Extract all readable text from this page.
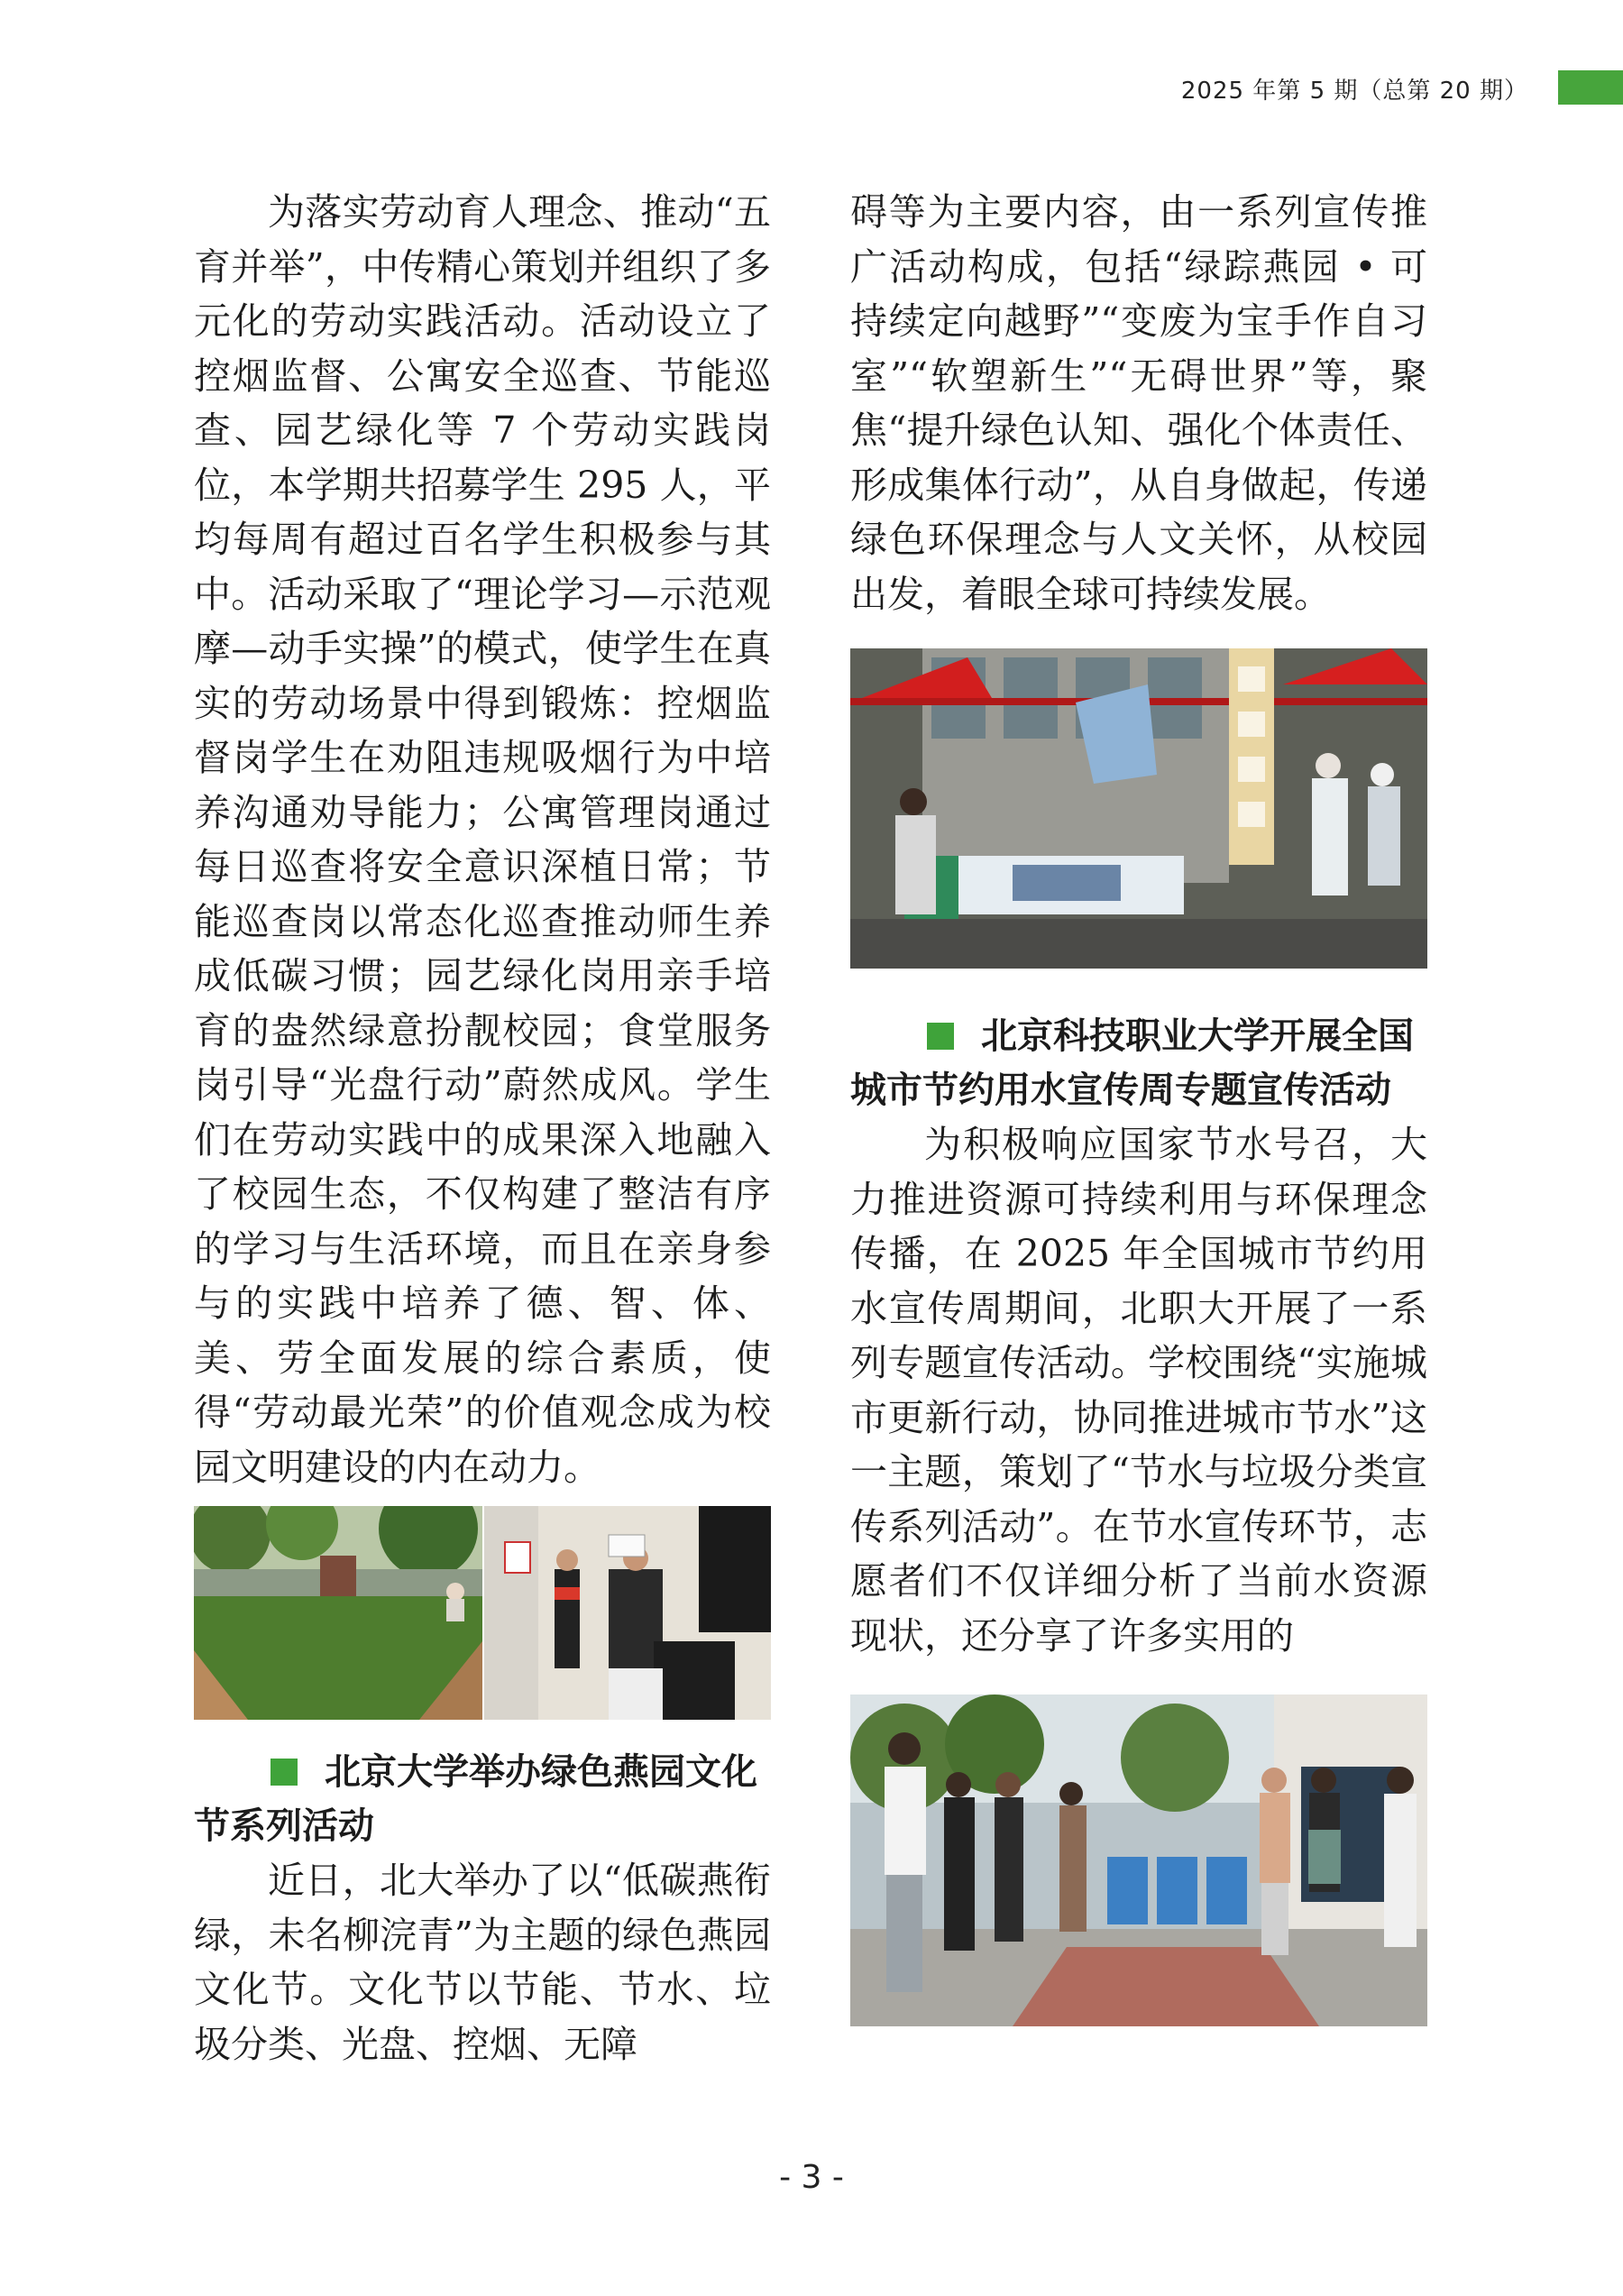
2025 年第 5 期（总第 20 期）

为落实劳动育人理念、推动“五育并举”，中传精心策划并组织了多元化的劳动实践活动。活动设立了控烟监督、公寓安全巡查、节能巡查、园艺绿化等 7 个劳动实践岗位，本学期共招募学生 295 人，平均每周有超过百名学生积极参与其中。活动采取了“理论学习—示范观摩—动手实操”的模式，使学生在真实的劳动场景中得到锻炼：控烟监督岗学生在劝阻违规吸烟行为中培养沟通劝导能力；公寓管理岗通过每日巡查将安全意识深植日常；节能巡查岗以常态化巡查推动师生养成低碳习惯；园艺绿化岗用亲手培育的盎然绿意扮靓校园；食堂服务岗引导“光盘行动”蔚然成风。学生们在劳动实践中的成果深入地融入了校园生态，不仅构建了整洁有序的学习与生活环境，而且在亲身参与的实践中培养了德、智、体、美、劳全面发展的综合素质，使得“劳动最光荣”的价值观念成为校园文明建设的内在动力。

北京大学举办绿色燕园文化节系列活动

近日，北大举办了以“低碳燕衔绿，未名柳浣青”为主题的绿色燕园文化节。文化节以节能、节水、垃圾分类、光盘、控烟、无障

碍等为主要内容，由一系列宣传推广活动构成，包括“绿踪燕园 • 可持续定向越野”“变废为宝手作自习室”“软塑新生”“无碍世界”等，聚焦“提升绿色认知、强化个体责任、形成集体行动”，从自身做起，传递绿色环保理念与人文关怀，从校园出发，着眼全球可持续发展。

北京科技职业大学开展全国城市节约用水宣传周专题宣传活动

为积极响应国家节水号召，大力推进资源可持续利用与环保理念传播，在 2025 年全国城市节约用水宣传周期间，北职大开展了一系列专题宣传活动。学校围绕“实施城市更新行动，协同推进城市节水”这一主题，策划了“节水与垃圾分类宣传系列活动”。在节水宣传环节，志愿者们不仅详细分析了当前水资源现状，还分享了许多实用的

- 3 -
